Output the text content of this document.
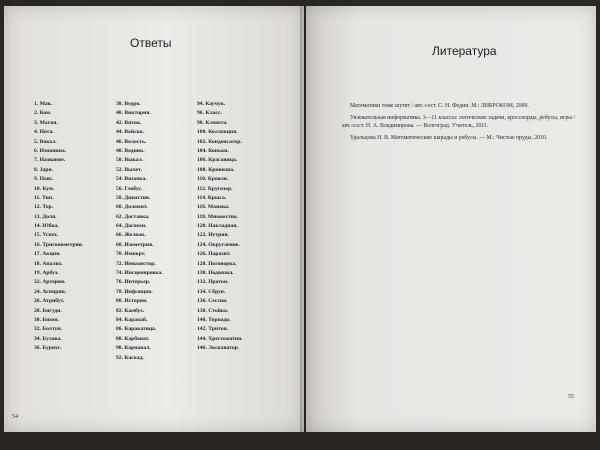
Ответы
1. Мак.
2. Ком.
3. Магия.
4. Нота.
5. Вокал.
6. Изнанина.
7. Название.
8. Заря.
9. Пояс.
10. Кум.
11. Тип.
12. Тор.
13. Доля.
14. Юбка.
15. Успех.
16. Тригонометрия.
17. Акция.
18. Анализ.
19. Арбуз.
22. Артерия.
24. Аспирин.
26. Атрибут.
28. Бигуди.
30. Бизон.
32. Болтун.
34. Булава.
36. Бурнус.
38. Ведро.
40. Виктория.
42. Виток.
44. Войско.
46. Волость.
48. Водник.
50. Выкал.
52. Вычет.
54. Вязанка.
56. Глобус.
58. Династия.
60. Доломит.
62. Доставка.
64. Доспехи.
66. Желвак.
68. Изометрия.
70. Импорт.
72. Инвазистор.
74. Инсценировка.
76. Интерьер.
78. Инфляция.
80. История.
82. Камбуз.
84. Каравай.
86. Каракатица.
88. Карбонат.
90. Карнавал.
92. Каскад.
94. Каучук.
96. Класс.
98. Клевета.
100. Коллекция.
102. Конденсатор.
104. Коньки.
106. Красавица.
108. Кривизна.
110. Кровля.
112. Кругозор.
114. Крыса.
116. Манака.
118. Множество.
120. Накладная.
122. Нутрия.
124. Округление.
126. Паразит.
128. Поговорка.
130. Подвязка.
132. Протон.
134. Сбруя.
136. Сессия.
138. Стойка.
140. Торнадо.
142. Тритон.
144. Хрестоматия.
146. Экскаватор.
54
Литература

Математики тоже шутят / авт.-сост. С. Н. Федин. М.: ЛИБРОКОМ, 2009.

Увлекательная информатика. 3—11 классы: логические задачи, кроссворды, ребусы, игры / авт.-сост. Н. А. Владимирова. — Волгоград: Учитель, 2011.

Удальцова Н. В. Математические шарады и ребусы. — М.: Чистые пруды, 2010.

55
